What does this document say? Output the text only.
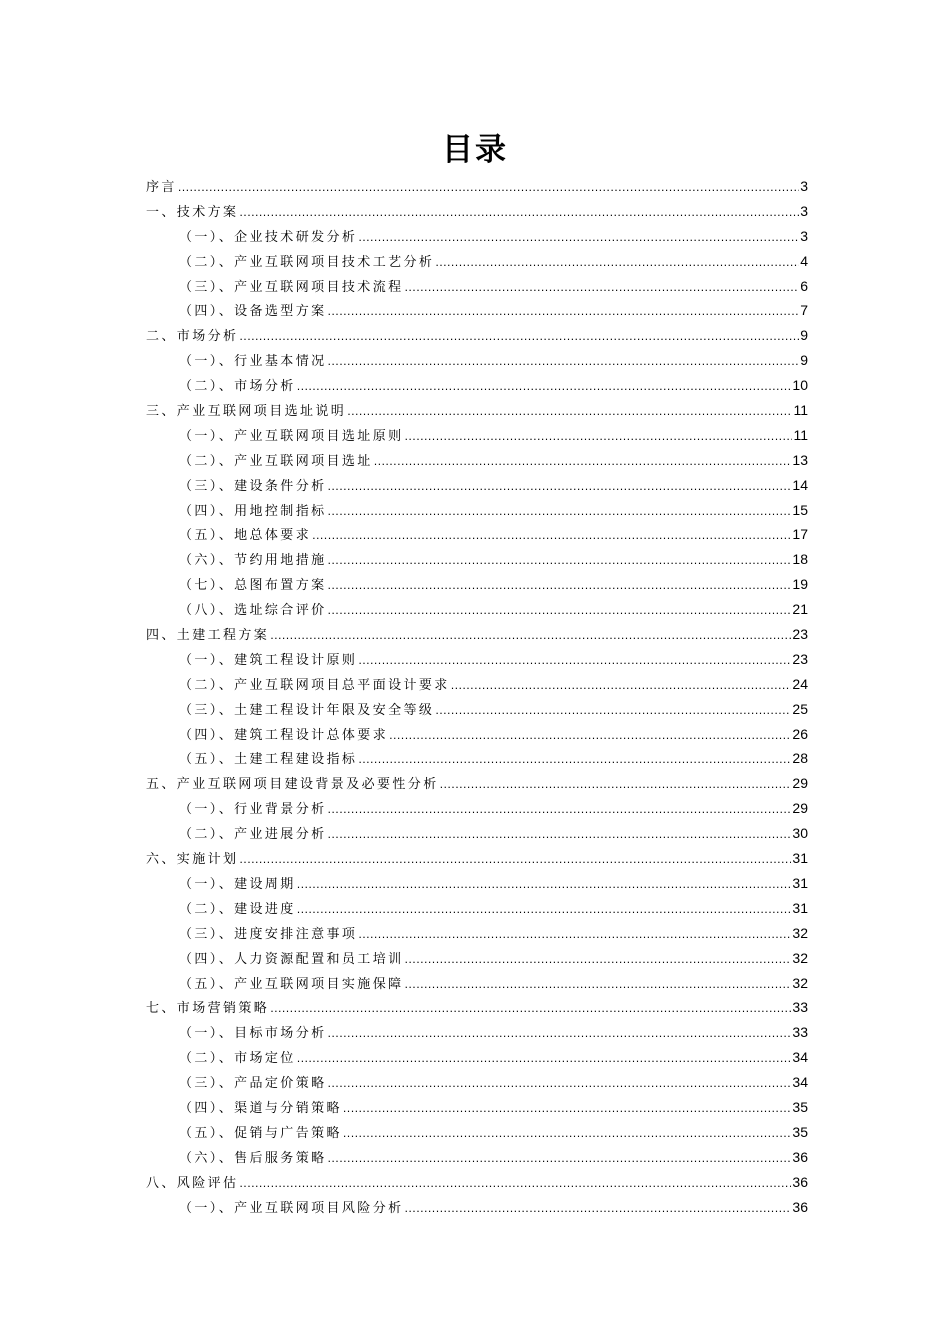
目录
序言 .....	3
一、技术方案 .....	3
（一）、企业技术研发分析 .....	3
（二）、产业互联网项目技术工艺分析 .....	4
（三）、产业互联网项目技术流程 .....	6
（四）、设备选型方案 .....	7
二、市场分析 .....	9
（一）、行业基本情况 .....	9
（二）、市场分析 .....	10
三、产业互联网项目选址说明 .....	11
（一）、产业互联网项目选址原则 .....	11
（二）、产业互联网项目选址 .....	13
（三）、建设条件分析 .....	14
（四）、用地控制指标 .....	15
（五）、地总体要求 .....	17
（六）、节约用地措施 .....	18
（七）、总图布置方案 .....	19
（八）、选址综合评价 .....	21
四、土建工程方案 .....	23
（一）、建筑工程设计原则 .....	23
（二）、产业互联网项目总平面设计要求 .....	24
（三）、土建工程设计年限及安全等级 .....	25
（四）、建筑工程设计总体要求 .....	26
（五）、土建工程建设指标 .....	28
五、产业互联网项目建设背景及必要性分析 .....	29
（一）、行业背景分析 .....	29
（二）、产业进展分析 .....	30
六、实施计划 .....	31
（一）、建设周期 .....	31
（二）、建设进度 .....	31
（三）、进度安排注意事项 .....	32
（四）、人力资源配置和员工培训 .....	32
（五）、产业互联网项目实施保障 .....	32
七、市场营销策略 .....	33
（一）、目标市场分析 .....	33
（二）、市场定位 .....	34
（三）、产品定价策略 .....	34
（四）、渠道与分销策略 .....	35
（五）、促销与广告策略 .....	35
（六）、售后服务策略 .....	36
八、风险评估 .....	36
（一）、产业互联网项目风险分析 .....	36
